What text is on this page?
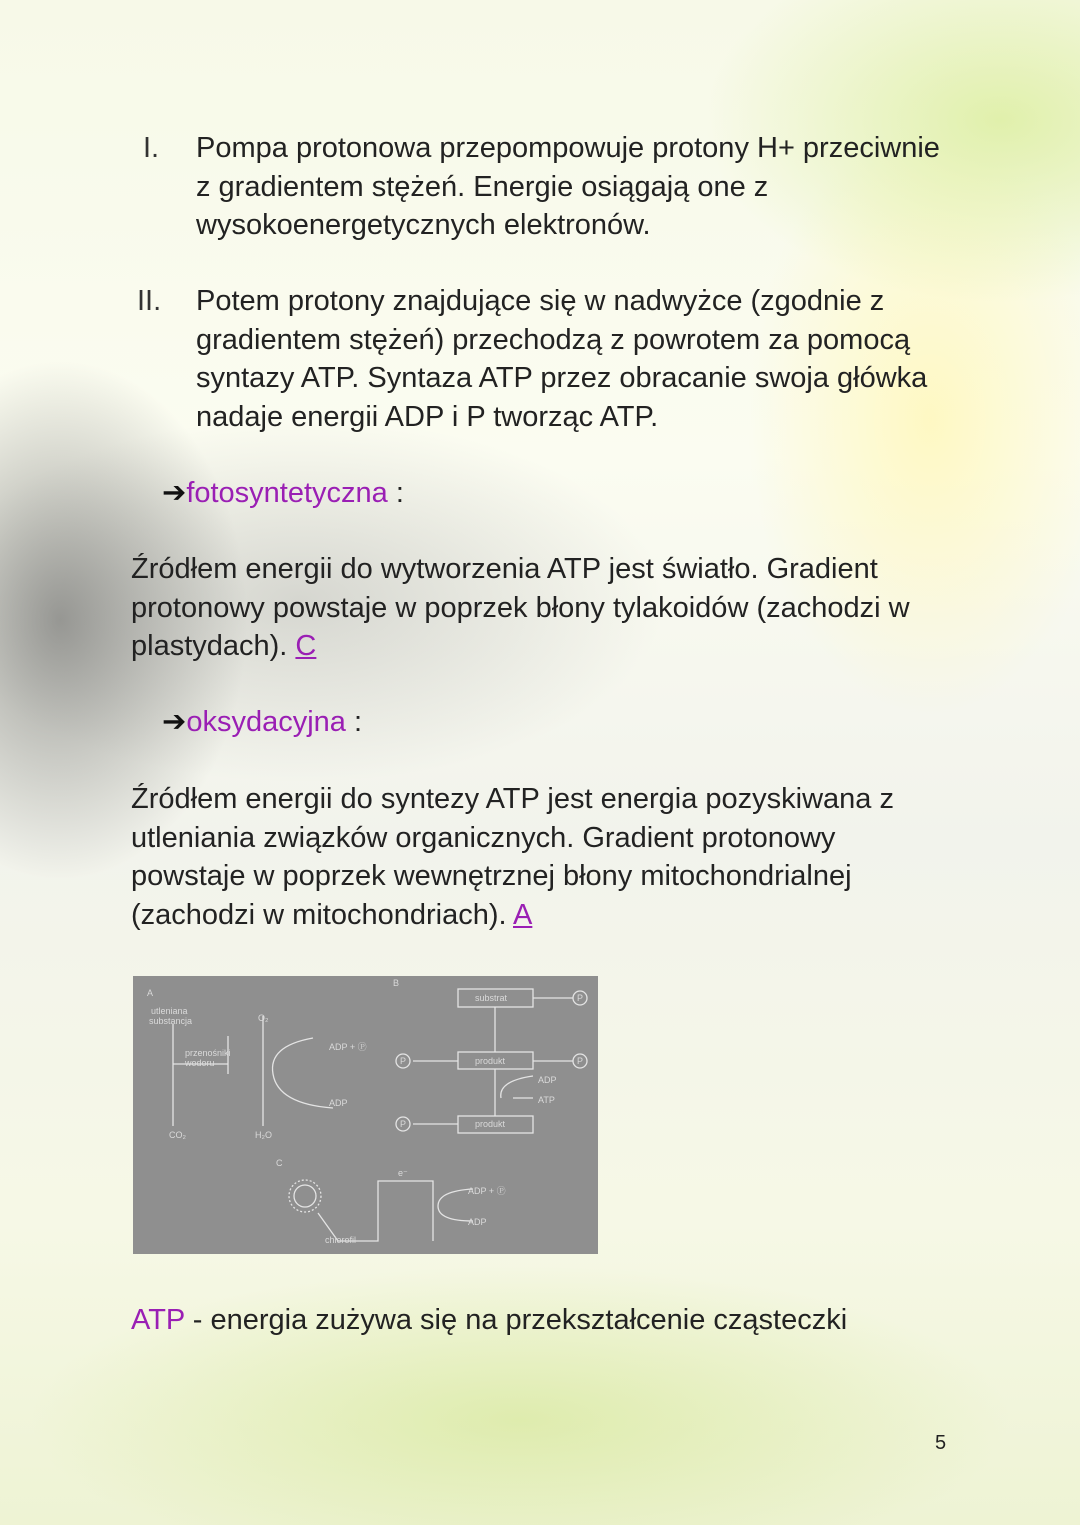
I. Pompa protonowa przepompowuje protony H+ przeciwnie
z gradientem stężeń. Energie osiągają one z
wysokoenergetycznych elektronów.
II. Potem protony znajdujące się w nadwyżce (zgodnie z
gradientem stężeń) przechodzą z powrotem za pomocą
syntazy ATP. Syntaza ATP przez obracanie swoja główka
nadaje energii ADP i P tworząc ATP.
➔fotosyntetyczna :
Źródłem energii do wytworzenia ATP jest światło. Gradient
protonowy powstaje w poprzek błony tylakoidów (zachodzi w
plastydach). C
➔oksydacyjna :
Źródłem energii do syntezy ATP jest energia pozyskiwana z
utleniania związków organicznych. Gradient protonowy
powstaje w poprzek wewnętrznej błony mitochondrialnej
(zachodzi w mitochondriach). A
A
B
C
utleniana
substancja	O₂
przenośniki
wodoru
CO₂	H₂O
ADP + Ⓟ
ADP
P
P
P
P
substrat
produkt
produkt
ADP
ATP
e⁻
ADP + Ⓟ
ADP
chlorofil
ATP - energia zużywa się na przekształcenie cząsteczki
5
